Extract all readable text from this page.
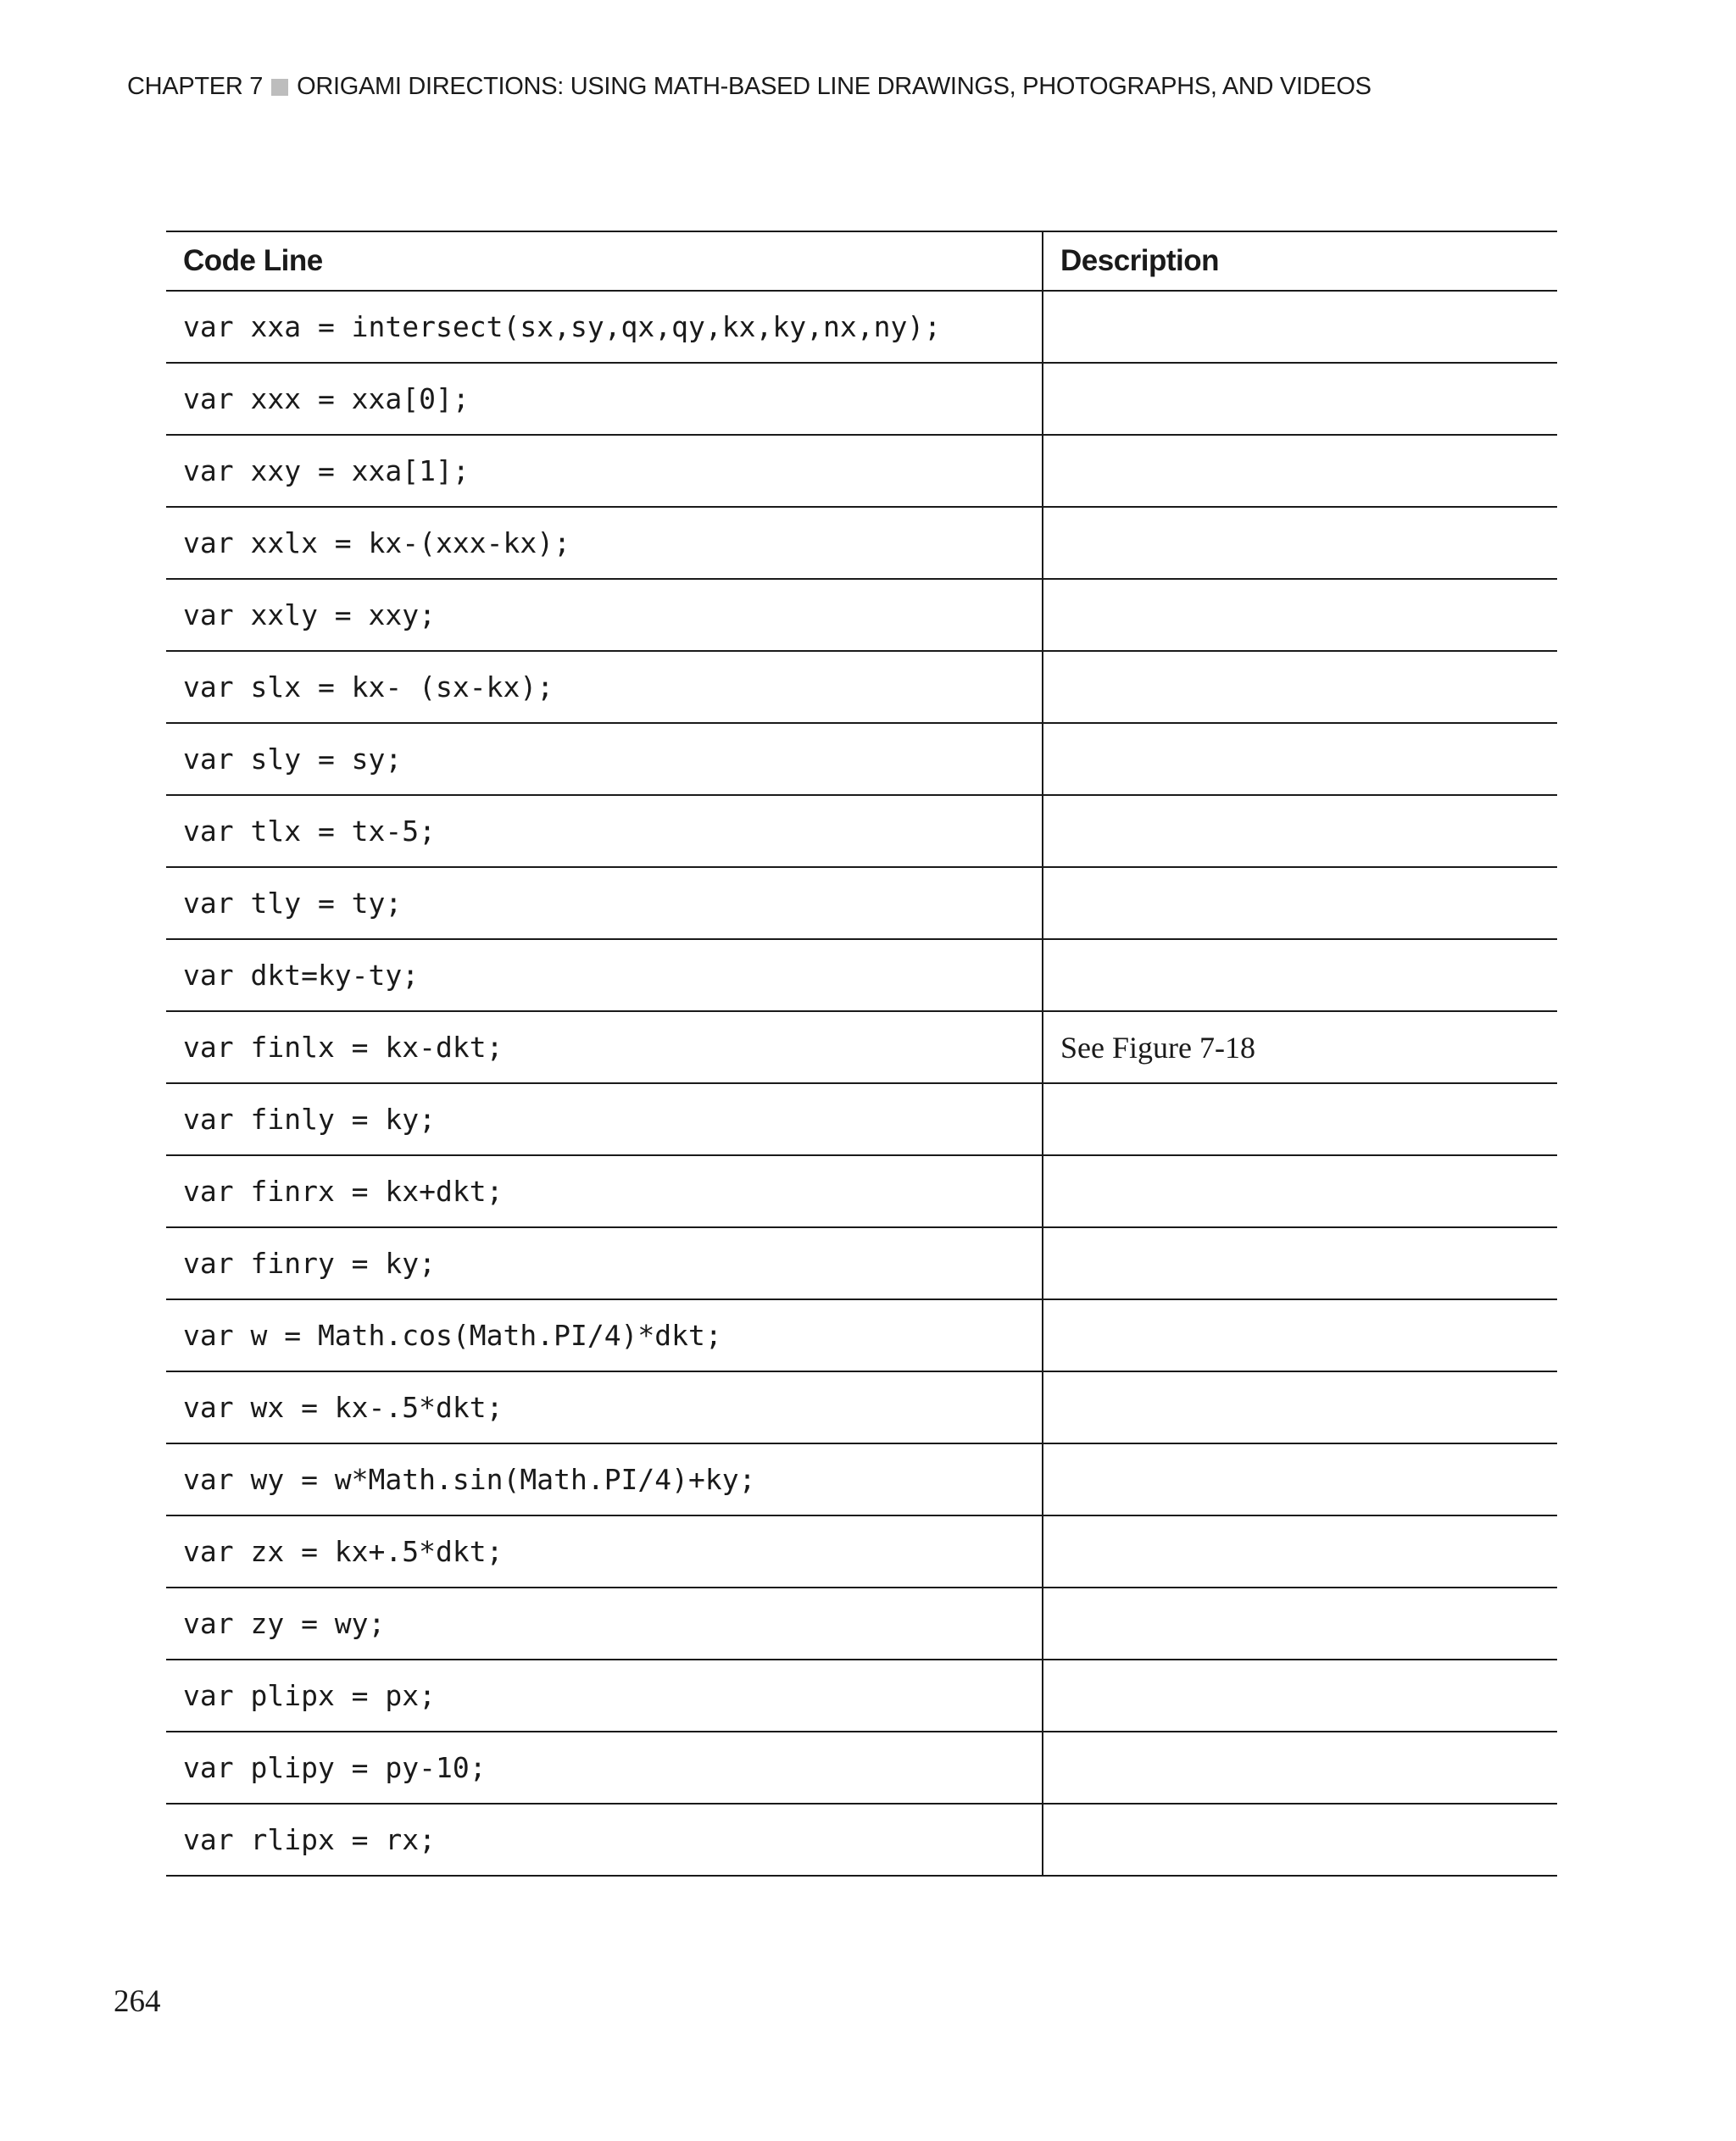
CHAPTER 7 ORIGAMI DIRECTIONS: USING MATH-BASED LINE DRAWINGS, PHOTOGRAPHS, AND VIDEOS
Code Line	Description
var xxa = intersect(sx,sy,qx,qy,kx,ky,nx,ny);	
var xxx = xxa[0];	
var xxy = xxa[1];	
var xxlx = kx-(xxx-kx);	
var xxly = xxy;	
var slx = kx- (sx-kx);	
var sly = sy;	
var tlx = tx-5;	
var tly = ty;	
var dkt=ky-ty;	
var finlx = kx-dkt;	See Figure 7-18
var finly = ky;	
var finrx = kx+dkt;	
var finry = ky;	
var w = Math.cos(Math.PI/4)*dkt;	
var wx = kx-.5*dkt;	
var wy = w*Math.sin(Math.PI/4)+ky;	
var zx = kx+.5*dkt;	
var zy = wy;	
var plipx = px;	
var plipy = py-10;	
var rlipx = rx;	
264
